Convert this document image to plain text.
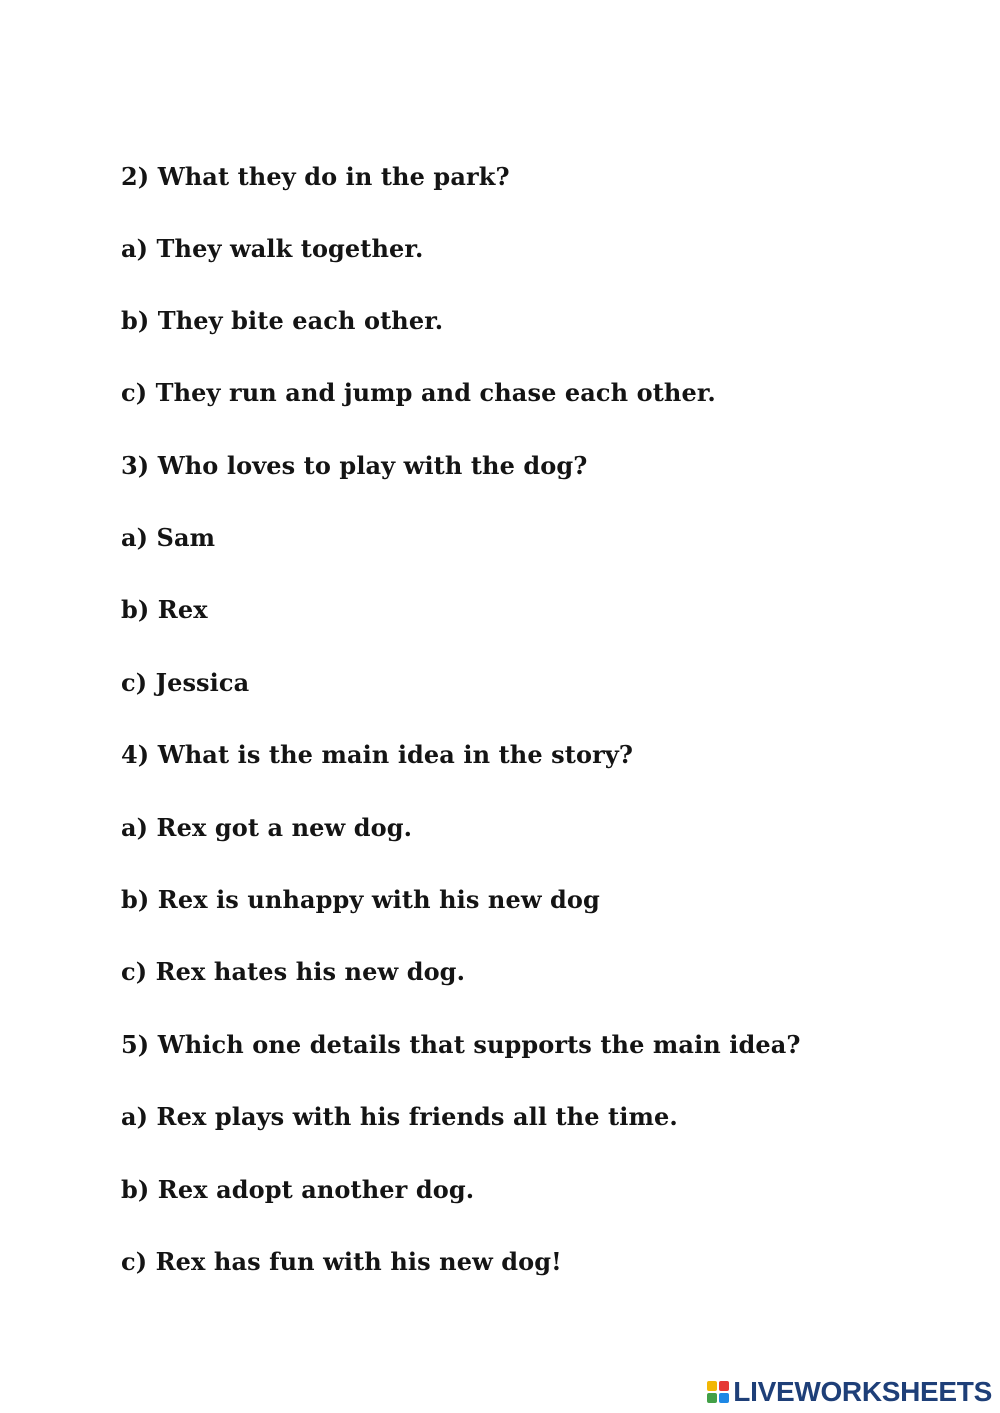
2) What they do in the park?

a) They walk together.

b) They bite each other.

c) They run and jump and chase each other.

3) Who loves to play with the dog?

a) Sam

b) Rex

c) Jessica

4) What is the main idea in the story?

a) Rex got a new dog.

b) Rex is unhappy with his new dog

c) Rex hates his new dog.

5) Which one details that supports the main idea?

a) Rex plays with his friends all the time.

b) Rex adopt another dog.

c) Rex has fun with his new dog!

LIVEWORKSHEETS
